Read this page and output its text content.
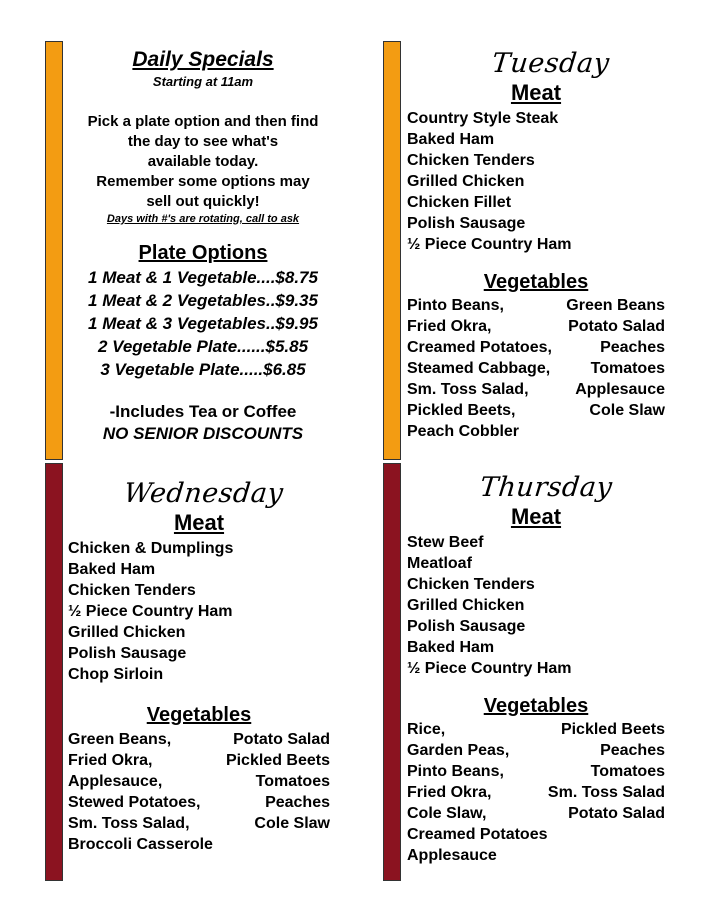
Daily Specials
Starting at 11am
Pick a plate option and then find
the day to see what's
available today.
Remember some options may
sell out quickly!
Days with #'s are rotating, call to ask
Plate Options
1 Meat & 1 Vegetable....$8.75
1 Meat & 2 Vegetables..$9.35
1 Meat & 3 Vegetables..$9.95
2 Vegetable Plate......$5.85
3 Vegetable Plate.....$6.85
-Includes Tea or Coffee
NO SENIOR DISCOUNTS
Tuesday
Meat
Country Style Steak
Baked Ham
Chicken Tenders
Grilled Chicken
Chicken Fillet
Polish Sausage
½ Piece Country Ham
Vegetables
Pinto Beans,	Green Beans
Fried Okra,	Potato Salad
Creamed Potatoes,	Peaches
Steamed Cabbage,	Tomatoes
Sm. Toss Salad,	Applesauce
Pickled Beets,	Cole Slaw
Peach Cobbler
Wednesday
Meat
Chicken & Dumplings
Baked Ham
Chicken Tenders
½ Piece Country Ham
Grilled Chicken
Polish Sausage
Chop Sirloin
Vegetables
Green Beans,	Potato Salad
Fried Okra,	Pickled Beets
Applesauce,	Tomatoes
Stewed Potatoes,	Peaches
Sm. Toss Salad,	Cole Slaw
Broccoli Casserole
Thursday
Meat
Stew Beef
Meatloaf
Chicken Tenders
Grilled Chicken
Polish Sausage
Baked Ham
½ Piece Country Ham
Vegetables
Rice,	Pickled Beets
Garden Peas,	Peaches
Pinto Beans,	Tomatoes
Fried Okra,	Sm. Toss Salad
Cole Slaw,	Potato Salad
Creamed Potatoes
Applesauce
